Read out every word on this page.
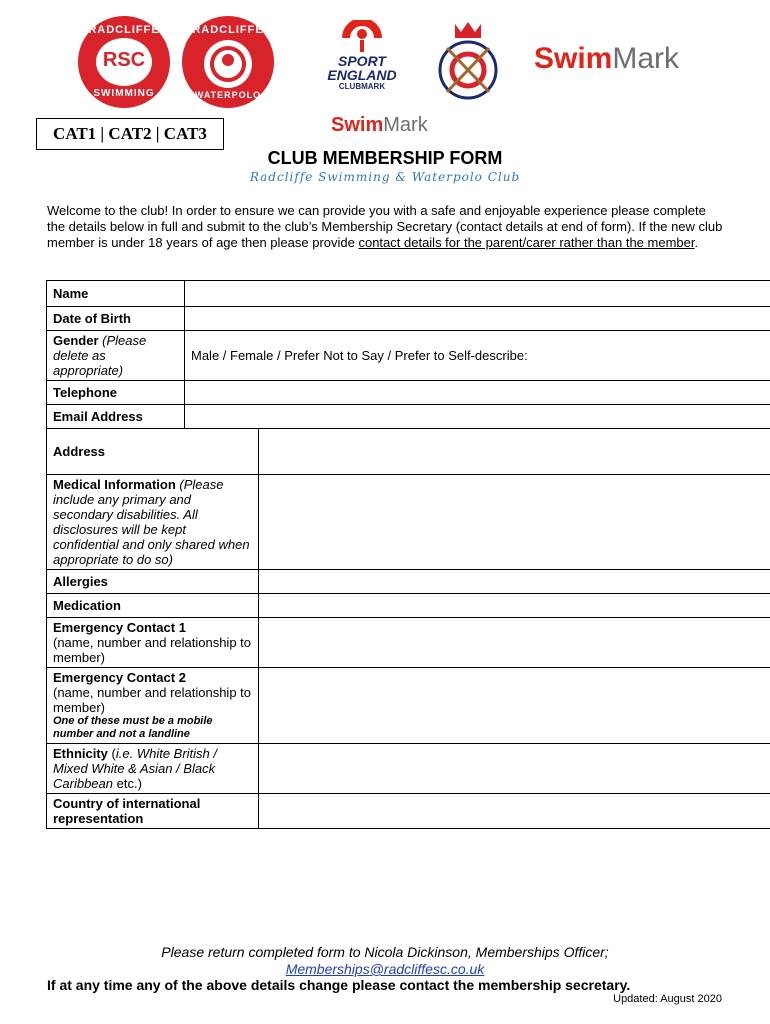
RADCLIFFE
RSC
SWIMMING
RADCLIFFE
WATERPOLO
SPORT
ENGLAND
CLUBMARK
SwimMark
SwimMark
CAT1 | CAT2 | CAT3
CLUB MEMBERSHIP FORM
Radcliffe Swimming & Waterpolo Club
Welcome to the club! In order to ensure we can provide you with a safe and enjoyable experience please complete the details below in full and submit to the club’s Membership Secretary (contact details at end of form). If the new club member is under 18 years of age then please provide contact details for the parent/carer rather than the member.
Name		
Date of Birth		
Gender (Please delete as appropriate)	Male / Female / Prefer Not to Say / Prefer to Self-describe:	
Telephone		
Email Address		
Address		
Medical Information (Please include any primary and secondary disabilities. All disclosures will be kept confidential and only shared when appropriate to do so)		
Allergies		
Medication		

Emergency Contact 1
(name, number and relationship to member)		

Emergency Contact 2
(name, number and relationship to member)
One of these must be a mobile number and not a landline		

Ethnicity (i.e. White British / Mixed White & Asian / Black Caribbean etc.)		
Country of international representation		
Please return completed form to Nicola Dickinson, Memberships Officer;
Memberships@radcliffesc.co.uk
If at any time any of the above details change please contact the membership secretary.
Updated: August 2020
